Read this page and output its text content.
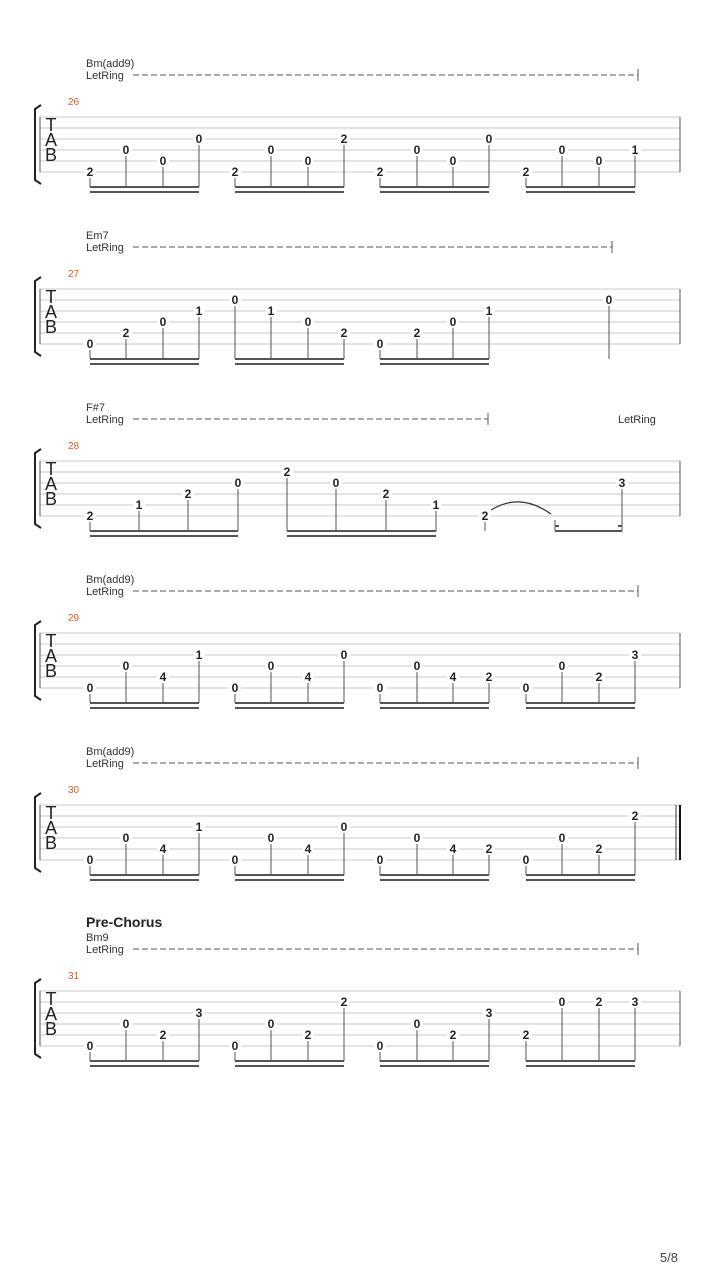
T
A
B
26
Bm(add9)
LetRing
2
0
0
0
2
0
0
2
2
0
0
0
2
0
0
1
T
A
B
27
Em7
LetRing
0
2
0
1
0
1
0
2
0
2
0
1
0
T
A
B
28
F#7
LetRing	LetRing
2
1
2
0
2
0
2
1
2
3
T
A
B
29
Bm(add9)
LetRing
0
0
4
1
0
0
4
0
0
0
4 2
0
0
2
3
T
A
B
30
Bm(add9)
LetRing
0
0
4
1
0
0
4
0
0
0
4 2
0
0
2
2
T
A
B
31
Pre-Chorus
Bm9
LetRing
0
0
2
3
0
0
2
2
0
0
2
3
2
0	2 3
5/8
